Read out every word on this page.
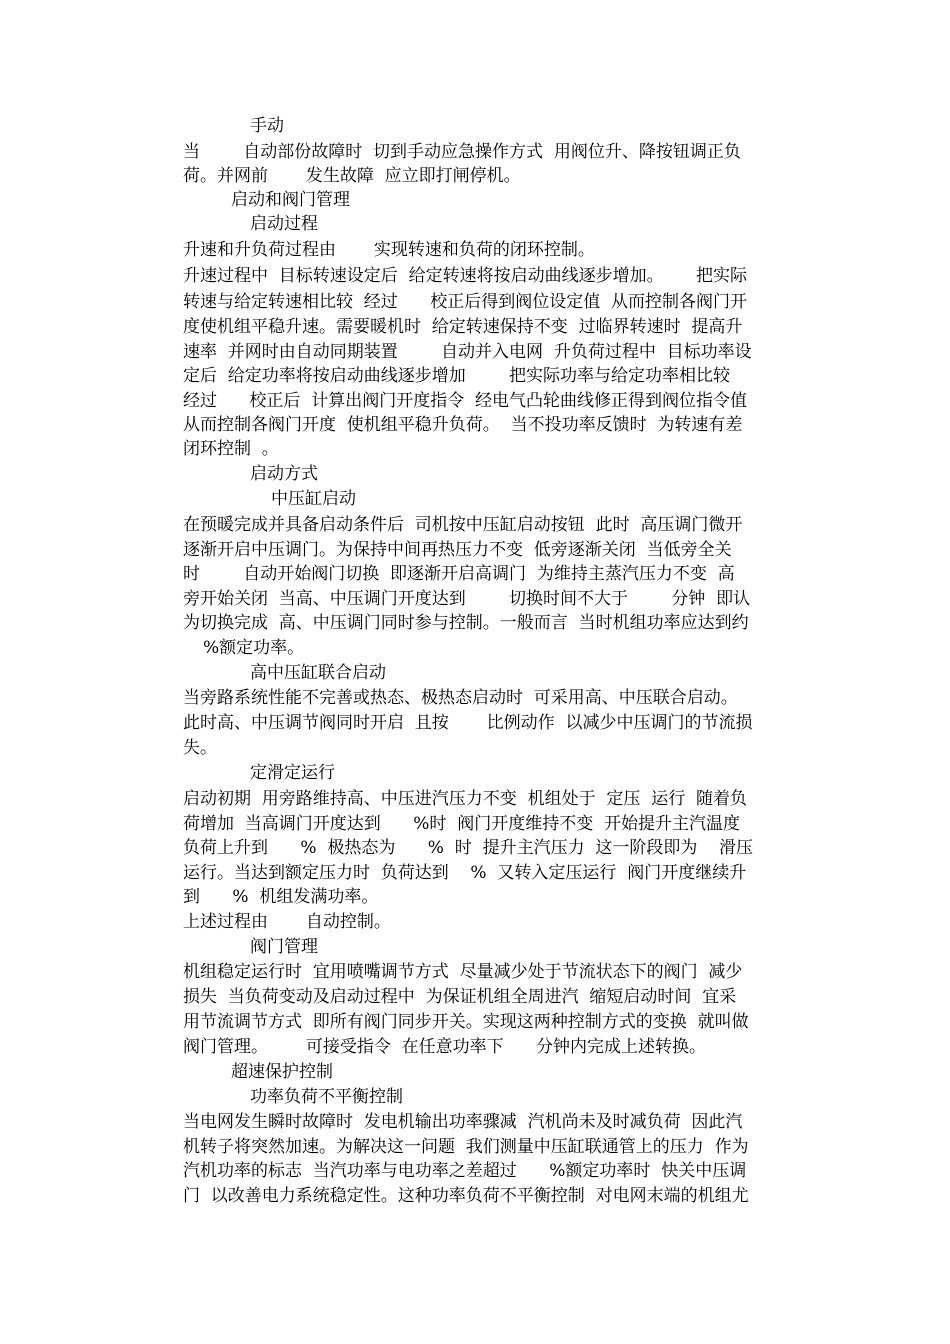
手动
当        自动部份故障时  切到手动应急操作方式  用阀位升、降按钮调正负
荷。并网前       发生故障  应立即打闸停机。
启动和阀门管理
启动过程
升速和升负荷过程由       实现转速和负荷的闭环控制。
升速过程中  目标转速设定后  给定转速将按启动曲线逐步增加。      把实际
转速与给定转速相比较  经过      校正后得到阀位设定值  从而控制各阀门开
度使机组平稳升速。需要暖机时  给定转速保持不变  过临界转速时  提高升
速率  并网时由自动同期装置        自动并入电网  升负荷过程中  目标功率设
定后  给定功率将按启动曲线逐步增加        把实际功率与给定功率相比较
经过      校正后  计算出阀门开度指令  经电气凸轮曲线修正得到阀位指令值
从而控制各阀门开度  使机组平稳升负荷。  当不投功率反馈时  为转速有差
闭环控制  。
启动方式
中压缸启动
在预暖完成并具备启动条件后  司机按中压缸启动按钮  此时  高压调门微开
逐渐开启中压调门。为保持中间再热压力不变  低旁逐渐关闭  当低旁全关
时        自动开始阀门切换  即逐渐开启高调门  为维持主蒸汽压力不变  高
旁开始关闭  当高、中压调门开度达到        切换时间不大于        分钟  即认
为切换完成  高、中压调门同时参与控制。一般而言  当时机组功率应达到约
%额定功率。
高中压缸联合启动
当旁路系统性能不完善或热态、极热态启动时  可采用高、中压联合启动。
此时高、中压调节阀同时开启  且按       比例动作  以减少中压调门的节流损
失。
定滑定运行
启动初期  用旁路维持高、中压进汽压力不变  机组处于  定压  运行  随着负
荷增加  当高调门开度达到      %时  阀门开度维持不变  开始提升主汽温度
负荷上升到      %  极热态为      %  时  提升主汽压力  这一阶段即为    滑压
运行。当达到额定压力时  负荷达到    %  又转入定压运行  阀门开度继续升
到      %  机组发满功率。
上述过程由       自动控制。
阀门管理
机组稳定运行时  宜用喷嘴调节方式  尽量减少处于节流状态下的阀门  减少
损失  当负荷变动及启动过程中  为保证机组全周进汽  缩短启动时间  宜采
用节流调节方式  即所有阀门同步开关。实现这两种控制方式的变换  就叫做
阀门管理。       可接受指令  在任意功率下      分钟内完成上述转换。
超速保护控制
功率负荷不平衡控制
当电网发生瞬时故障时  发电机输出功率骤减  汽机尚未及时减负荷  因此汽
机转子将突然加速。为解决这一问题  我们测量中压缸联通管上的压力  作为
汽机功率的标志  当汽功率与电功率之差超过      %额定功率时  快关中压调
门  以改善电力系统稳定性。这种功率负荷不平衡控制  对电网末端的机组尤
